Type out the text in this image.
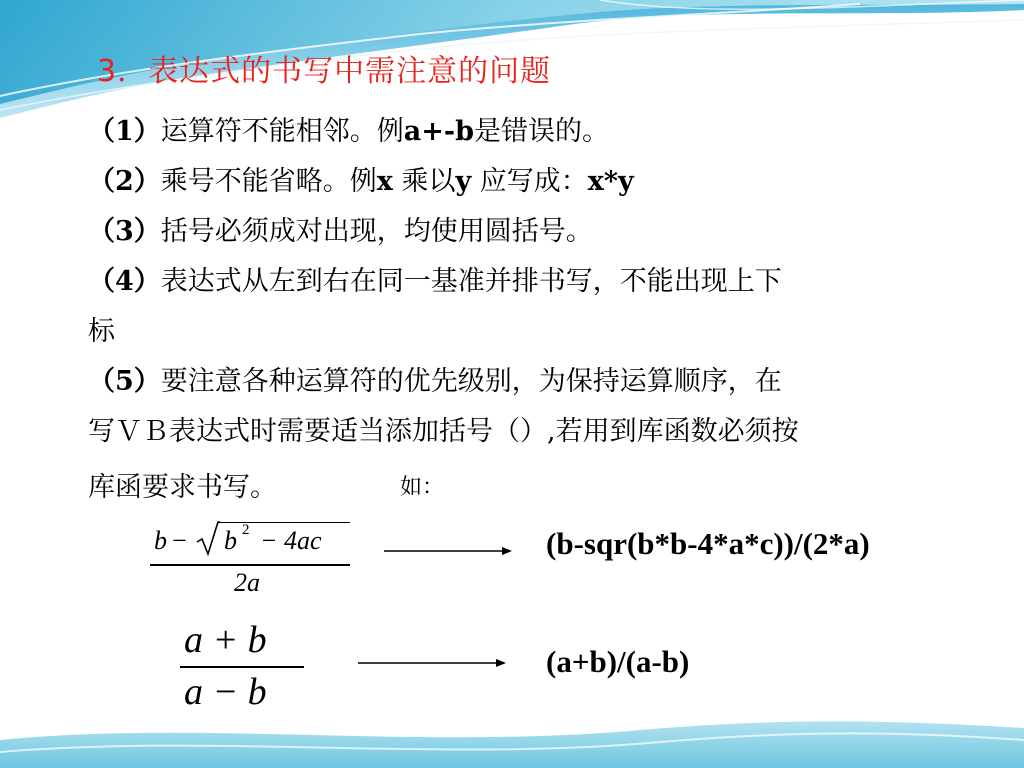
3．表达式的书写中需注意的问题
（1）运算符不能相邻。例a+-b是错误的。
（2）乘号不能省略。例x 乘以y 应写成：x*y
（3）括号必须成对出现，均使用圆括号。
（4）表达式从左到右在同一基准并排书写，不能出现上下
标
（5）要注意各种运算符的优先级别，为保持运算顺序，在
写ＶＢ表达式时需要适当添加括号（）,若用到库函数必须按
库函要求书写。	如：
b − b 2 − 4ac
2a
(b-sqr(b*b-4*a*c))/(2*a)
a + b
a − b
(a+b)/(a-b)
